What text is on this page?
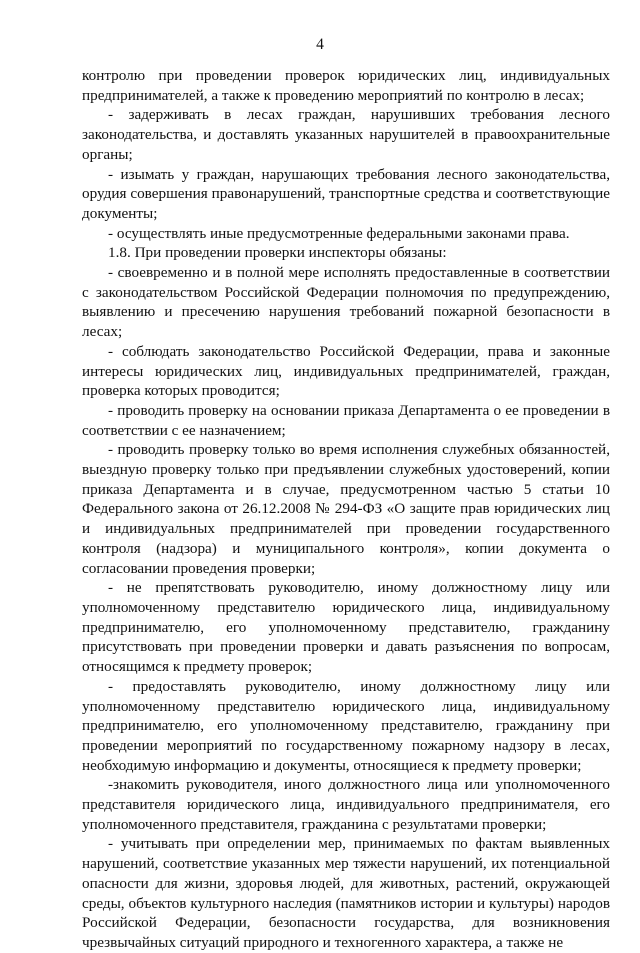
4

контролю при проведении проверок юридических лиц, индивидуальных предпринимателей, а также к проведению мероприятий по контролю в лесах;

- задерживать в лесах граждан, нарушивших требования лесного законодательства, и доставлять указанных нарушителей в правоохранительные органы;

- изымать у граждан, нарушающих требования лесного законодательства, орудия совершения правонарушений, транспортные средства и соответствующие документы;

- осуществлять иные предусмотренные федеральными законами права.

1.8. При проведении проверки инспекторы обязаны:

- своевременно и в полной мере исполнять предоставленные в соответствии с законодательством Российской Федерации полномочия по предупреждению, выявлению и пресечению нарушения требований пожарной безопасности в лесах;

- соблюдать законодательство Российской Федерации, права и законные интересы юридических лиц, индивидуальных предпринимателей, граждан, проверка которых проводится;

- проводить проверку на основании приказа Департамента о ее проведении в соответствии с ее назначением;

- проводить проверку только во время исполнения служебных обязанностей, выездную проверку только при предъявлении служебных удостоверений, копии приказа Департамента и в случае, предусмотренном частью 5 статьи 10 Федерального закона от 26.12.2008 № 294-ФЗ «О защите прав юридических лиц и индивидуальных предпринимателей при проведении государственного контроля (надзора) и муниципального контроля», копии документа о согласовании проведения проверки;

- не препятствовать руководителю, иному должностному лицу или уполномоченному представителю юридического лица, индивидуальному предпринимателю, его уполномоченному представителю, гражданину присутствовать при проведении проверки и давать разъяснения по вопросам, относящимся к предмету проверок;

- предоставлять руководителю, иному должностному лицу или уполномоченному представителю юридического лица, индивидуальному предпринимателю, его уполномоченному представителю, гражданину при проведении мероприятий по государственному пожарному надзору в лесах, необходимую информацию и документы, относящиеся к предмету проверки;

-знакомить руководителя, иного должностного лица или уполномоченного представителя юридического лица, индивидуального предпринимателя, его уполномоченного представителя, гражданина с результатами проверки;

- учитывать при определении мер, принимаемых по фактам выявленных нарушений, соответствие указанных мер тяжести нарушений, их потенциальной опасности для жизни, здоровья людей, для животных, растений, окружающей среды, объектов культурного наследия (памятников истории и культуры) народов Российской Федерации, безопасности государства, для возникновения чрезвычайных ситуаций природного и техногенного характера, а также не
